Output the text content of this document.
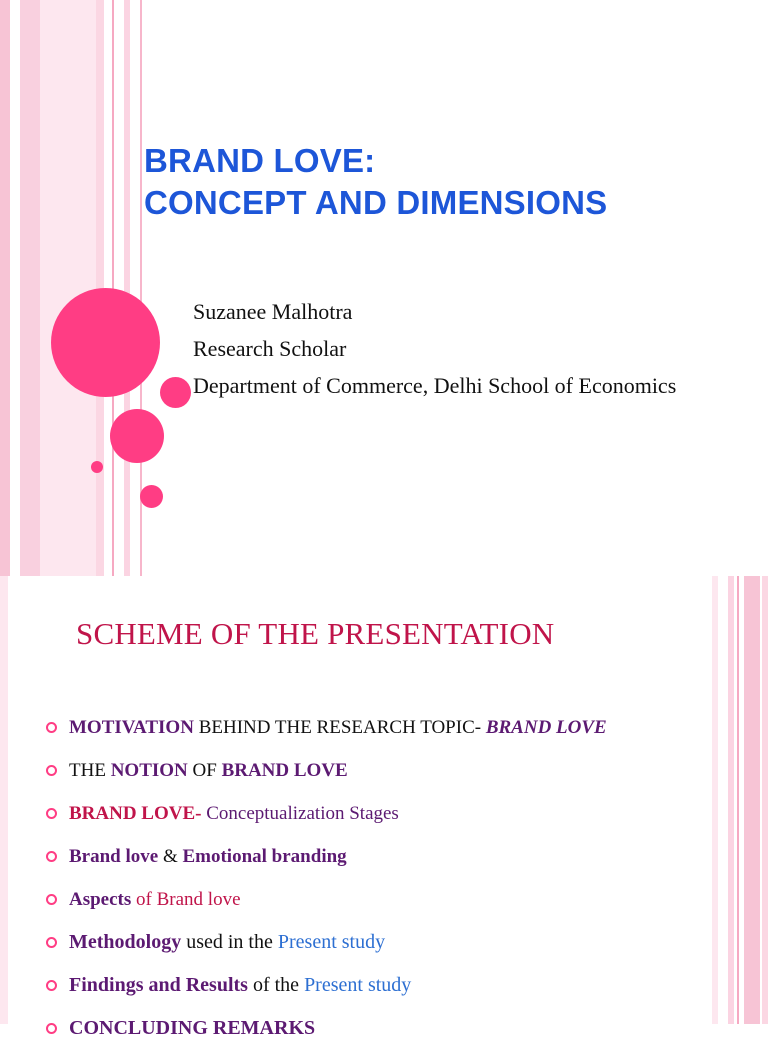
BRAND LOVE:
CONCEPT AND DIMENSIONS
Suzanee Malhotra
Research Scholar
Department of Commerce, Delhi School of Economics
SCHEME OF THE PRESENTATION
MOTIVATION BEHIND THE RESEARCH TOPIC- BRAND LOVE
THE NOTION OF BRAND LOVE
BRAND LOVE- Conceptualization Stages
Brand love & Emotional branding
Aspects of Brand love
Methodology used in the Present study
Findings and Results of the Present study
CONCLUDING REMARKS
